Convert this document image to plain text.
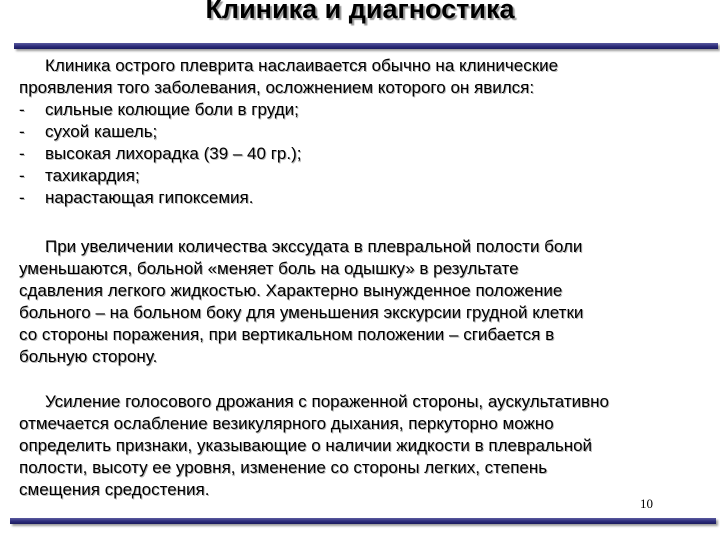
Клиника и диагностика
Клиника острого плеврита наслаивается обычно на клинические
проявления того заболевания, осложнением которого он явился:
- сильные колющие боли в груди;
- сухой кашель;
- высокая лихорадка (39 – 40 гр.);
- тахикардия;
- нарастающая гипоксемия.
При увеличении количества экссудата в плевральной полости боли
уменьшаются, больной «меняет боль на одышку» в результате
сдавления легкого жидкостью. Характерно вынужденное положение
больного – на больном боку для уменьшения экскурсии грудной клетки
со стороны поражения, при вертикальном положении – сгибается в
больную сторону.
Усиление голосового дрожания с пораженной стороны, аускультативно
отмечается ослабление везикулярного дыхания, перкуторно можно
определить признаки, указывающие о наличии жидкости в плевральной
полости, высоту ее уровня, изменение со стороны легких, степень
смещения средостения.
10
